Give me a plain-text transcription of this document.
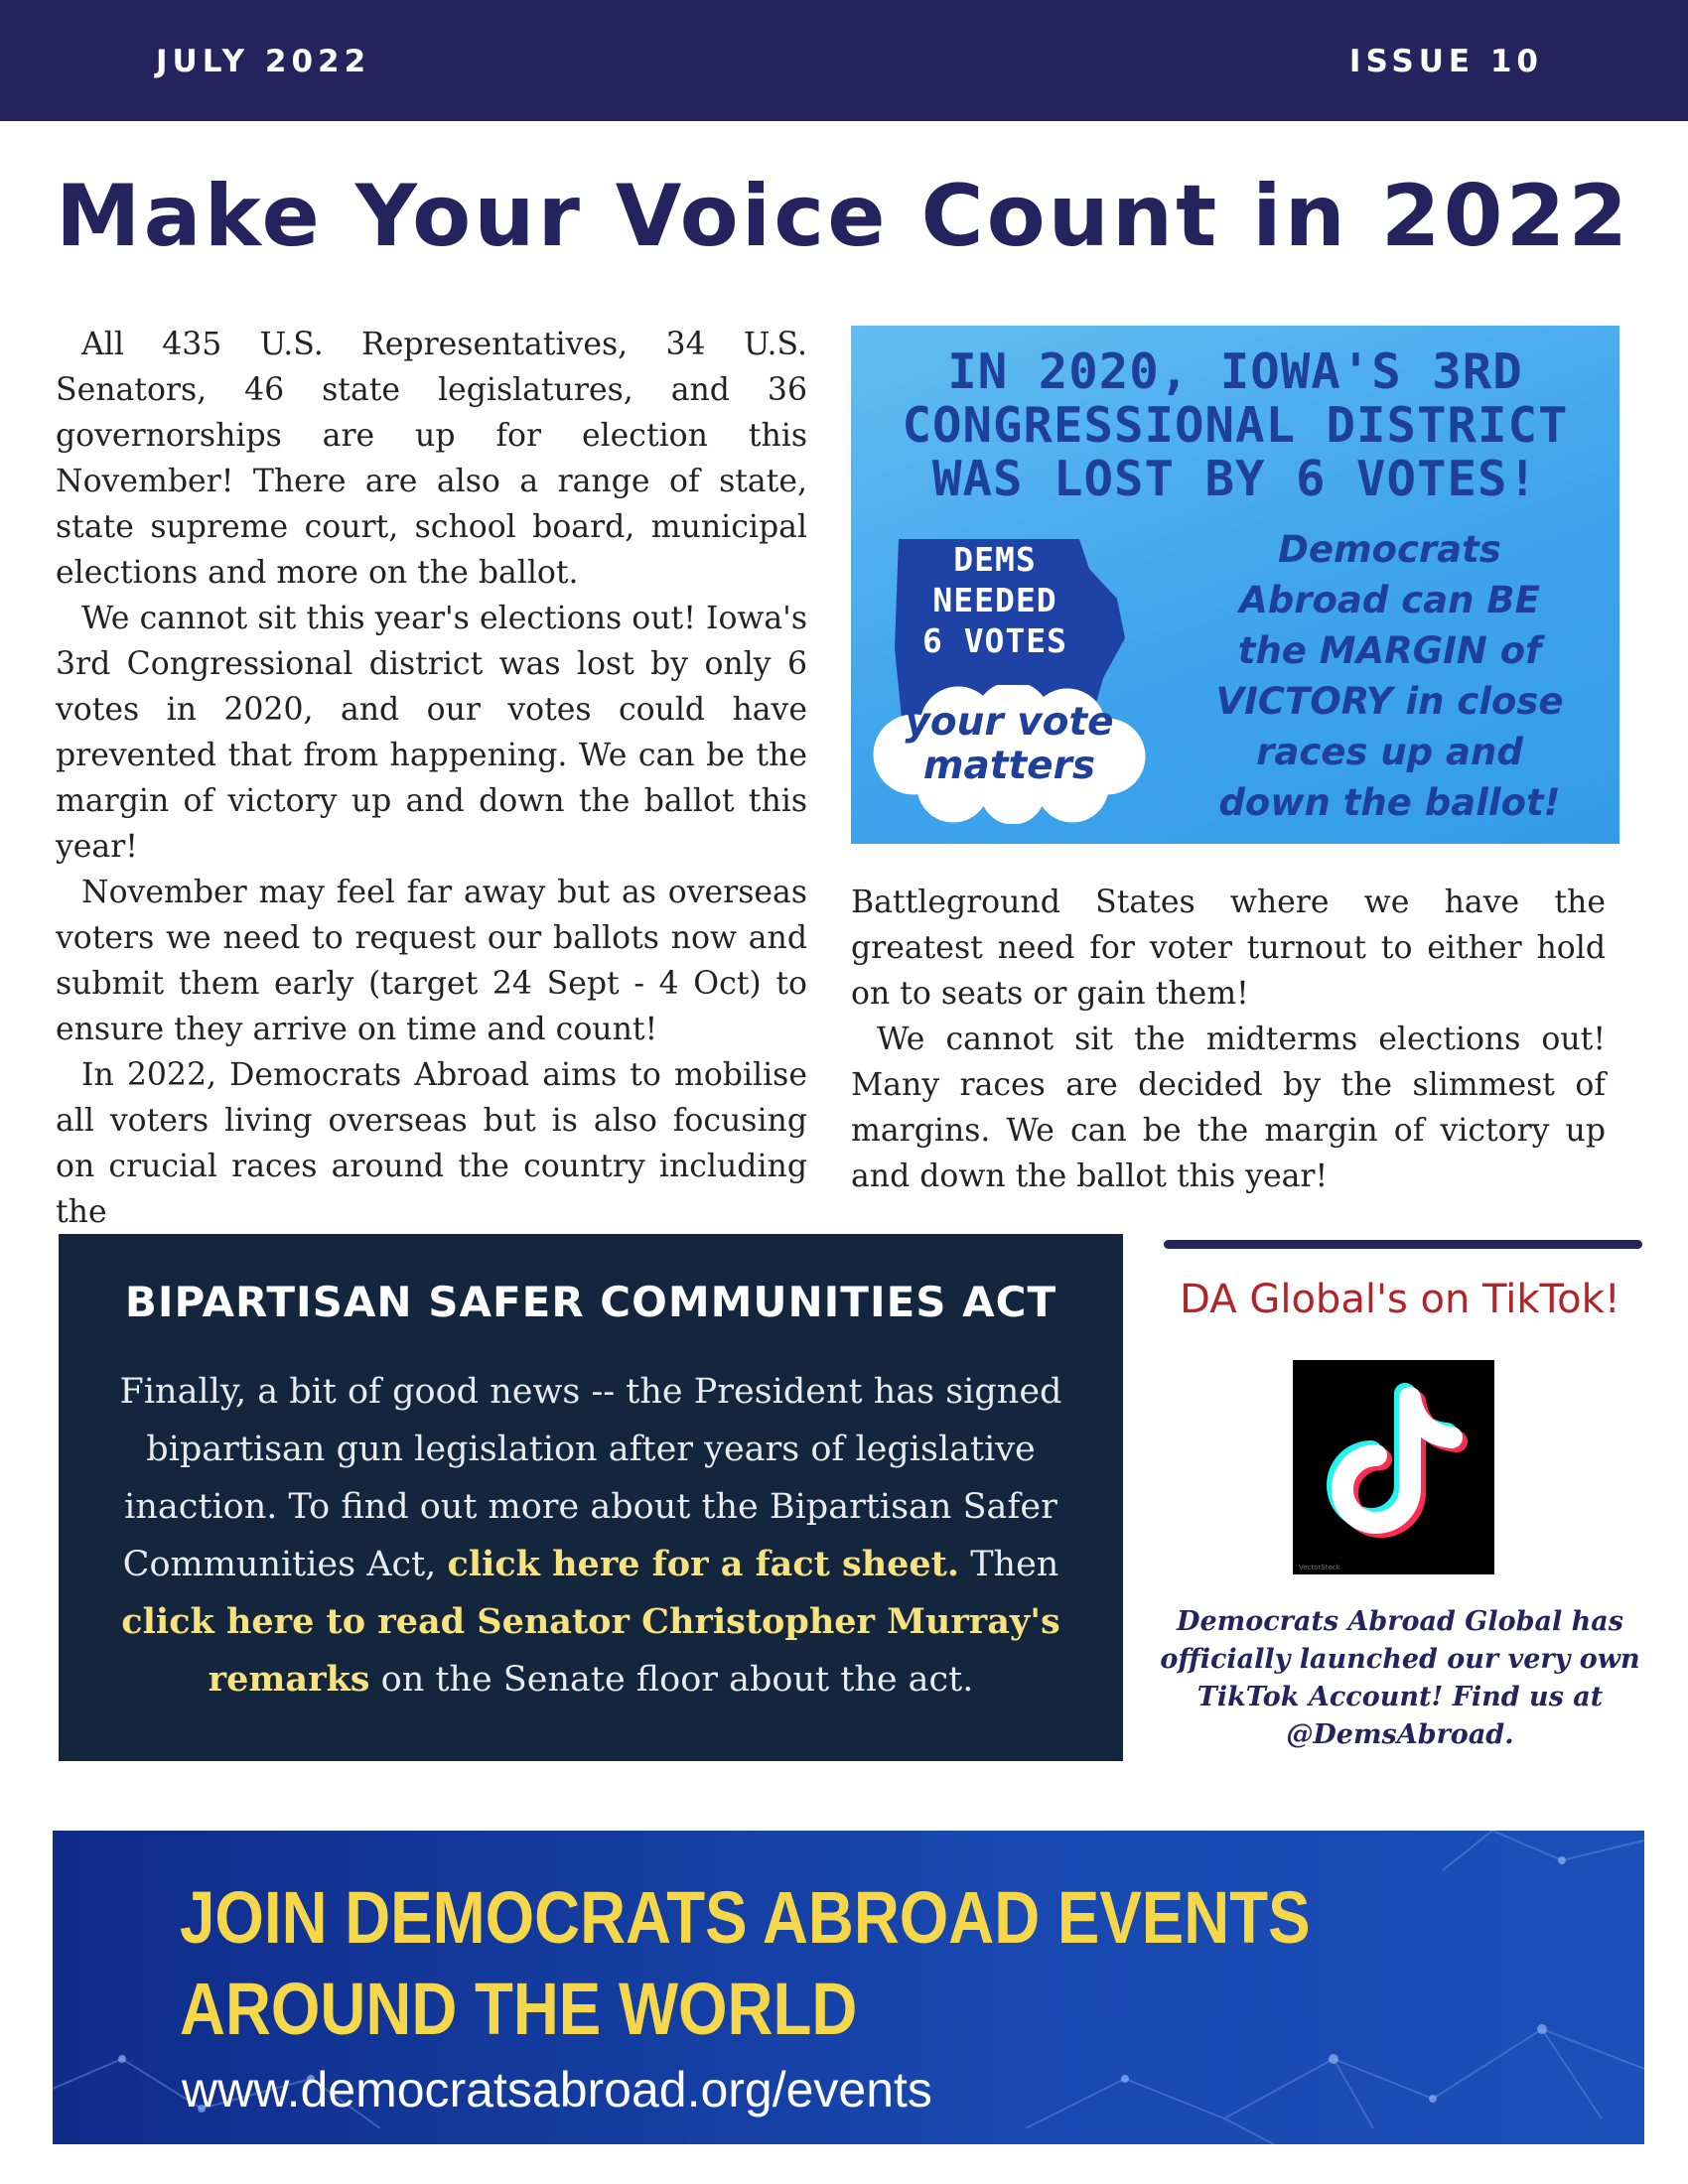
JULY 2022	ISSUE 10
Make Your Voice Count in 2022

All 435 U.S. Representatives, 34 U.S. Senators, 46 state legislatures, and 36 governorships are up for election this November! There are also a range of state, state supreme court, school board, municipal elections and more on the ballot.

We cannot sit this year's elections out! Iowa's 3rd Congressional district was lost by only 6 votes in 2020, and our votes could have prevented that from happening. We can be the margin of victory up and down the ballot this year!

November may feel far away but as overseas voters we need to request our ballots now and submit them early (target 24 Sept - 4 Oct) to ensure they arrive on time and count!

In 2022, Democrats Abroad aims to mobilise all voters living overseas but is also focusing on crucial races around the country including the

IN 2020, IOWA'S 3RD
CONGRESSIONAL DISTRICT
WAS LOST BY 6 VOTES!
DEMS
NEEDED
6 VOTES
your vote
matters
Democrats
Abroad can BE
the MARGIN of
VICTORY in close
races up and
down the ballot!

Battleground States where we have the greatest need for voter turnout to either hold on to seats or gain them!

We cannot sit the midterms elections out! Many races are decided by the slimmest of margins. We can be the margin of victory up and down the ballot this year!

BIPARTISAN SAFER COMMUNITIES ACT
Finally, a bit of good news -- the President has signed bipartisan gun legislation after years of legislative inaction. To find out more about the Bipartisan Safer Communities Act, click here for a fact sheet. Then click here to read Senator Christopher Murray's remarks on the Senate floor about the act.
DA Global's on TikTok!
VectorStock
Democrats Abroad Global has
officially launched our very own
TikTok Account! Find us at
@DemsAbroad.
JOIN DEMOCRATS ABROAD EVENTS
AROUND THE WORLD
www.democratsabroad.org/events
